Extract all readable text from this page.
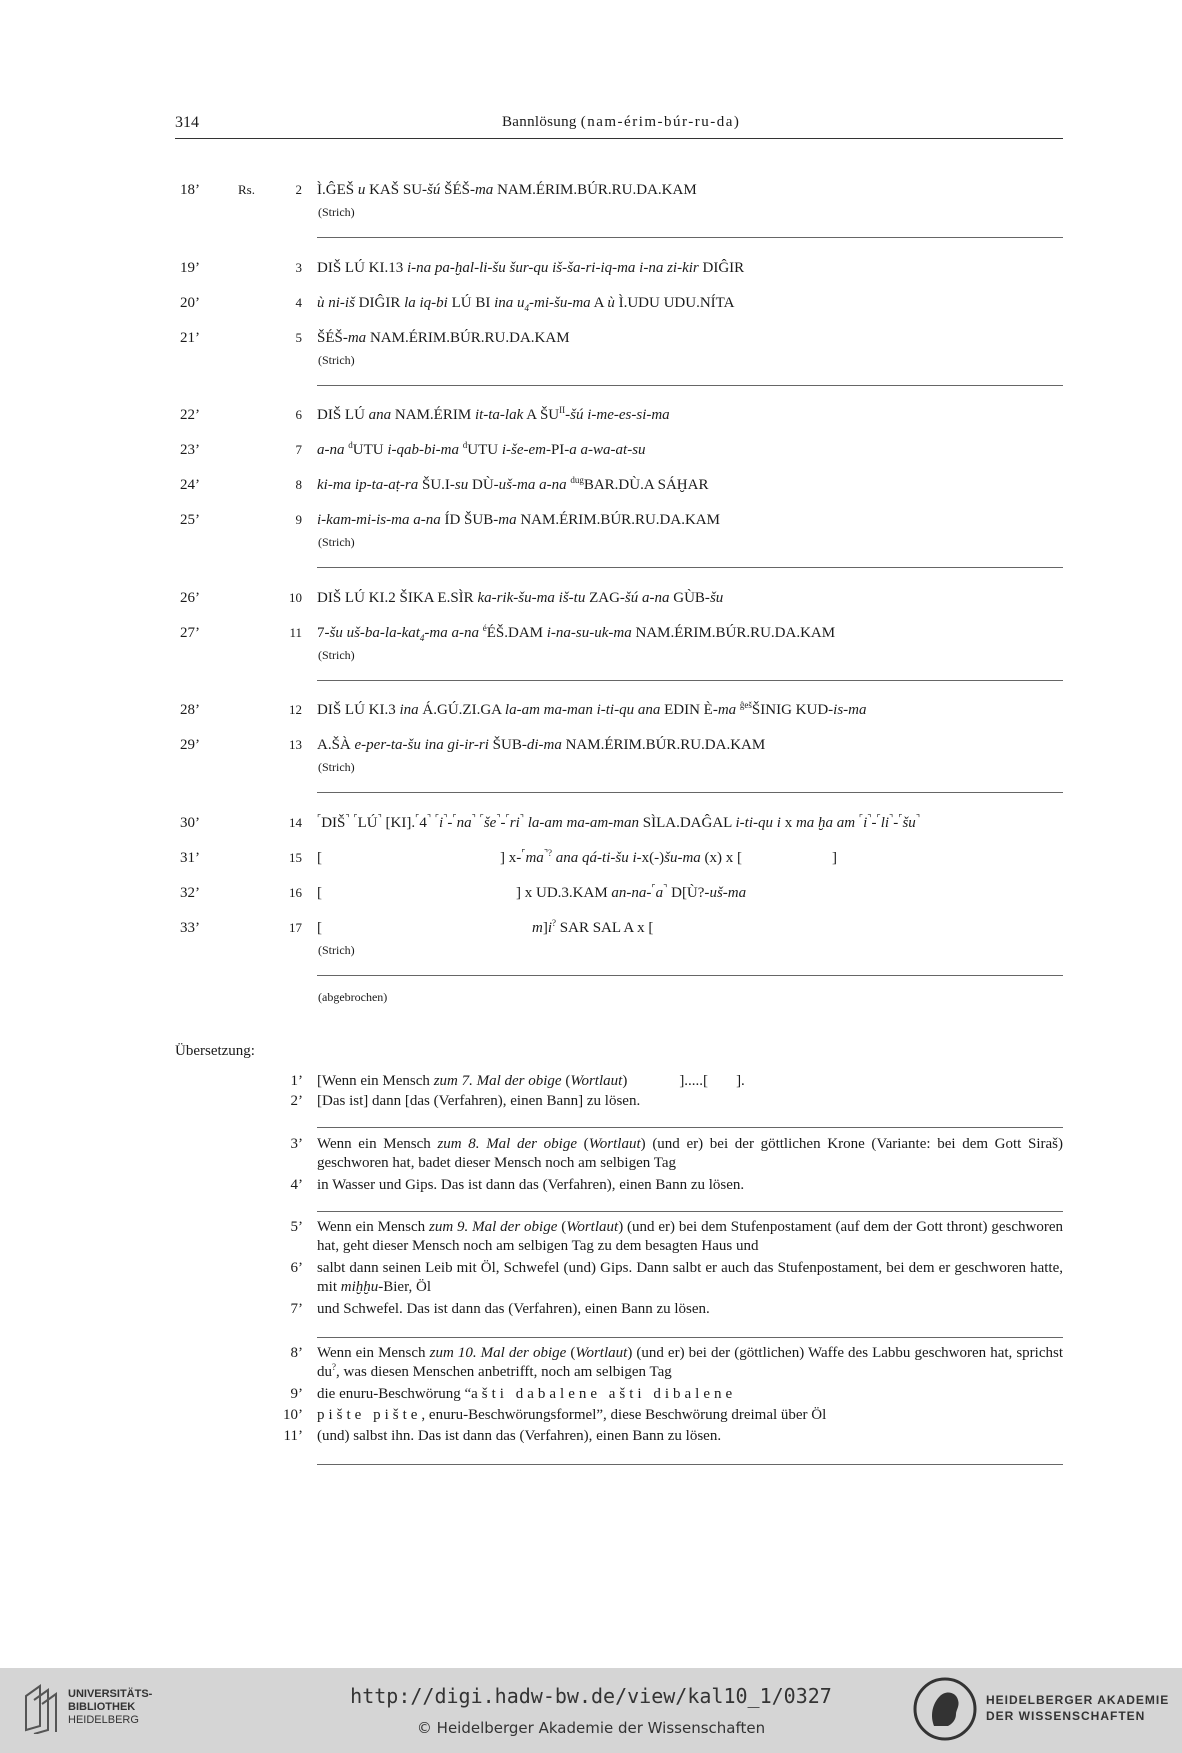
314	Bannlösung (nam-érim-búr-ru-da)
18’	Rs.	2 Ì.ĜEŠ u KAŠ SU-šú ŠÉŠ-ma NAM.ÉRIM.BÚR.RU.DA.KAM
(Strich)
19’	3 DIŠ LÚ KI.13 i-na pa-ḫal-li-šu šur-qu iš-ša-ri-iq-ma i-na zi-kir DIĜIR
20’	4 ù ni-iš DIĜIR la iq-bi LÚ BI ina $u_4-mi-šu-ma$ A ù Ì.UDU UDU.NÍTA
21’	5 ŠÉŠ-ma NAM.ÉRIM.BÚR.RU.DA.KAM
(Strich)
22’	6 DIŠ LÚ ana NAM.ÉRIM it-ta-lak A $ŠU^{II}-šú$ i-me-es-si-ma
23’	7 a-na $^d$UTU i-qab-bi-ma $^d$UTU i-še-em-PI-a a-wa-at-su
24’	8 ki-ma ip-ta-aṭ-ra ŠU.I-su DÙ-uš-ma a-na $^{dug}$BAR.DÙ.A SÁḪAR
25’	9 i-kam-mi-is-ma a-na ÍD ŠUB-ma NAM.ÉRIM.BÚR.RU.DA.KAM
(Strich)
26’	10 DIŠ LÚ KI.2 ŠIKA E.SÌR ka-rik-šu-ma iš-tu ZAG-šú a-na GÙB-šu
27’	11 7-šu uš-ba-la-kat$_4$-ma a-na $^é$ÉŠ.DAM i-na-su-uk-ma NAM.ÉRIM.BÚR.RU.DA.KAM
(Strich)
28’	12 DIŠ LÚ KI.3 ina Á.GÚ.ZI.GA la-am ma-man i-ti-qu ana EDIN È-ma $^{ĝeš}$ŠINIG KUD-is-ma
29’	13 A.ŠÀ e-per-ta-šu ina gi-ir-ri ŠUB-di-ma NAM.ÉRIM.BÚR.RU.DA.KAM
(Strich)
30’	14 ⌜DIŠ⌝ ⌜LÚ⌝ [KI].⌜4⌝ ⌜i⌝-⌜na⌝ ⌜še⌝-⌜ri⌝ la-am ma-am-man SÌLA.DAĜAL i-ti-qu i x ma ḫa am ⌜i⌝-⌜li⌝-⌜šu⌝
31’	15 [	] x-⌜ma⌝? ana qá-ti-šu i-x(-)šu-ma (x) x [	]
32’	16 [	] x UD.3.KAM an-na-⌜a⌝ D[Ù?-uš-ma
33’	17 [	m]i? SAR SAL A x [
(Strich)
(abgebrochen)
Übersetzung:
1’ [Wenn ein Mensch zum 7. Mal der obige (Wortlaut)	].....[ ].
2’ [Das ist] dann [das (Verfahren), einen Bann] zu lösen.
3’ Wenn ein Mensch zum 8. Mal der obige (Wortlaut) (und er) bei der göttlichen Krone (Variante: bei dem Gott Siraš) geschworen hat, badet dieser Mensch noch am selbigen Tag
4’ in Wasser und Gips. Das ist dann das (Verfahren), einen Bann zu lösen.
5’ Wenn ein Mensch zum 9. Mal der obige (Wortlaut) (und er) bei dem Stufenpostament (auf dem der Gott thront) geschworen hat, geht dieser Mensch noch am selbigen Tag zu dem besagten Haus und
6’ salbt dann seinen Leib mit Öl, Schwefel (und) Gips. Dann salbt er auch das Stufenpostament, bei dem er geschworen hatte, mit miḫḫu-Bier, Öl
7’ und Schwefel. Das ist dann das (Verfahren), einen Bann zu lösen.
8’ Wenn ein Mensch zum 10. Mal der obige (Wortlaut) (und er) bei der (göttlichen) Waffe des Labbu geschworen hat, sprichst du?, was diesen Menschen anbetrifft, noch am selbigen Tag
9’ die enuru-Beschwörung “ašti dabalene ašti dibalene
10’ pište pište, enuru-Beschwörungsformel”, diese Beschwörung dreimal über Öl
11’ (und) salbst ihn. Das ist dann das (Verfahren), einen Bann zu lösen.
UNIVERSITÄTS-
BIBLIOTHEK
HEIDELBERG
http://digi.hadw-bw.de/view/kal10_1/0327
© Heidelberger Akademie der Wissenschaften
HEIDELBERGER AKADEMIE
DER WISSENSCHAFTEN
